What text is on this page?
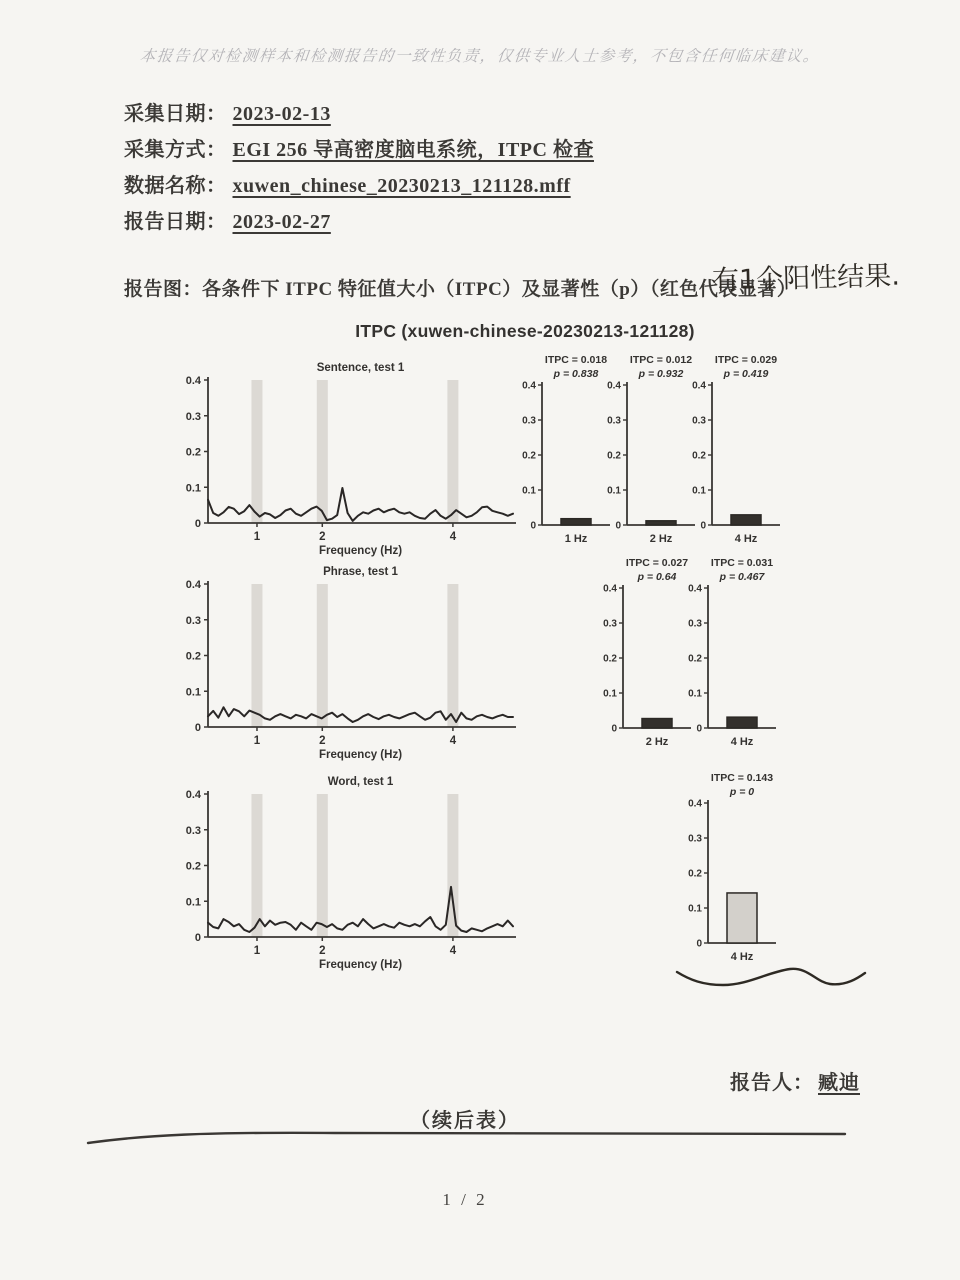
本报告仅对检测样本和检测报告的一致性负责，仅供专业人士参考，不包含任何临床建议。
采集日期： 2023-02-13
采集方式： EGI 256 导高密度脑电系统，ITPC 检查
数据名称： xuwen_chinese_20230213_121128.mff
报告日期： 2023-02-27
报告图：各条件下 ITPC 特征值大小（ITPC）及显著性（p）（红色代表显著）
有1个阳性结果.
ITPC (xuwen-chinese-20230213-121128)
0
0.1
0.2
0.3
0.4
1	2	4
Sentence, test 1
Frequency (Hz)
0
0.1
0.2
0.3
0.4
1	2	4
Phrase, test 1
Frequency (Hz)
0
0.1
0.2
0.3
0.4
1	2	4
Word, test 1
Frequency (Hz)
ITPC = 0.018
p = 0.838
0
0.1
0.2
0.3
0.4
1 Hz
ITPC = 0.012
p = 0.932
0
0.1
0.2
0.3
0.4
2 Hz
ITPC = 0.029
p = 0.419
0
0.1
0.2
0.3
0.4
4 Hz
ITPC = 0.027
p = 0.64
0
0.1
0.2
0.3
0.4
2 Hz
ITPC = 0.031
p = 0.467
0
0.1
0.2
0.3
0.4
4 Hz
ITPC = 0.143
p = 0
0
0.1
0.2
0.3
0.4
4 Hz
报告人： 臧迪
（续后表）
1 / 2
